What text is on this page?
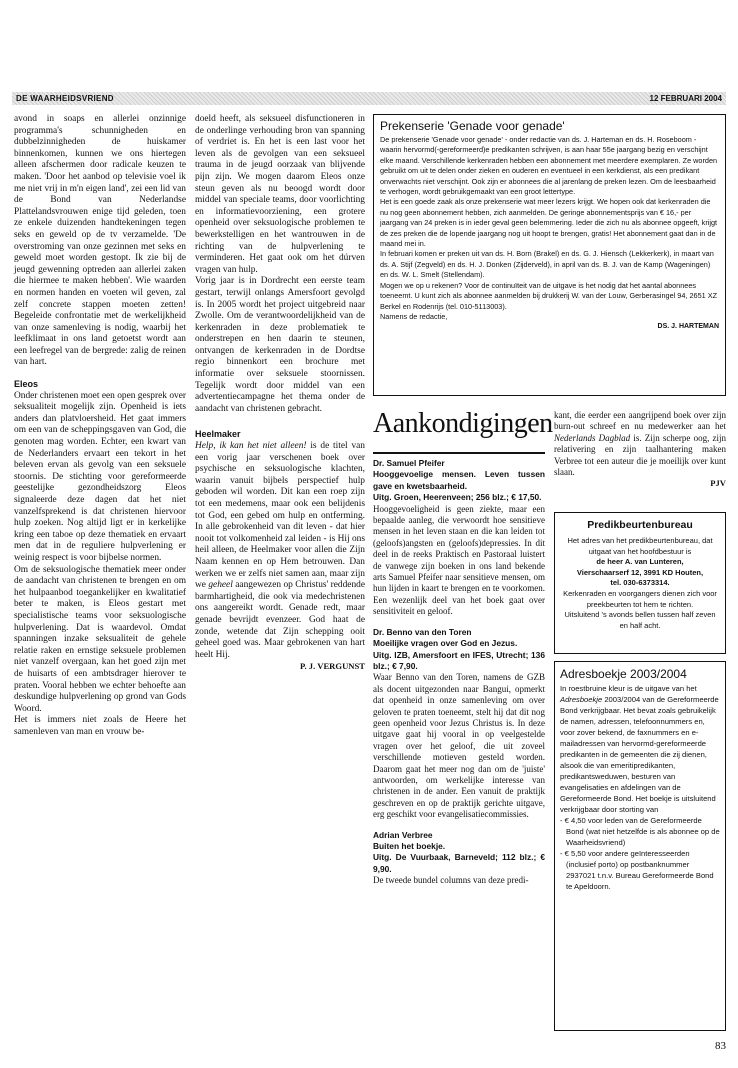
DE WAARHEIDSVRIEND	12 FEBRUARI 2004

avond in soaps en allerlei onzinnige programma's schunnigheden en dubbelzinnigheden de huiskamer binnenkomen, kunnen we ons hiertegen alleen afschermen door radicale keuzen te maken. 'Door het aanbod op televisie voel ik me niet vrij in m'n eigen land', zei een lid van de Bond van Nederlandse Plattelandsvrouwen enige tijd geleden, toen ze enkele duizenden handtekeningen tegen seks en geweld op de tv verzamelde. 'De overstroming van onze gezinnen met seks en geweld moet worden gestopt. Ik zie bij de jeugd gewenning optreden aan allerlei zaken die hiermee te maken hebben'. Wie waarden en normen handen en voeten wil geven, zal zelf concrete stappen moeten zetten! Begeleide confrontatie met de werkelijkheid van onze samenleving is nodig, waarbij het leefklimaat in ons land getoetst wordt aan een leefregel van de bergrede: zalig de reinen van hart.

Eleos

Onder christenen moet een open gesprek over seksualiteit mogelijk zijn. Openheid is iets anders dan platvloersheid. Het gaat immers om een van de scheppingsgaven van God, die genoten mag worden. Echter, een kwart van de Nederlanders ervaart een tekort in het beleven ervan als gevolg van een seksuele stoornis. De stichting voor gereformeerde geestelijke gezondheidszorg Eleos signaleerde deze dagen dat het niet vanzelfsprekend is dat christenen hiervoor hulp zoeken. Nog altijd ligt er in kerkelijke kring een taboe op deze thematiek en ervaart men dat in de reguliere hulpverlening er weinig respect is voor bijbelse normen.

Om de seksuologische thematiek meer onder de aandacht van christenen te brengen en om het hulpaanbod toegankelijker en kwalitatief beter te maken, is Eleos gestart met specialistische teams voor seksuologische hulpverlening. Dat is waardevol. Omdat spanningen inzake seksualiteit de gehele relatie raken en ernstige seksuele problemen niet vanzelf overgaan, kan het goed zijn met de huisarts of een ambtsdrager hierover te praten. Vooral hebben we echter behoefte aan deskundige hulpverlening op grond van Gods Woord.

Het is immers niet zoals de Heere het samenleven van man en vrouw be-

doeld heeft, als seksueel disfunctioneren in de onderlinge verhouding bron van spanning of verdriet is. En het is een last voor het leven als de gevolgen van een seksueel trauma in de jeugd oorzaak van blijvende pijn zijn. We mogen daarom Eleos onze steun geven als nu beoogd wordt door middel van speciale teams, door voorlichting en informatievoorziening, een grotere openheid over seksuologische problemen te bewerkstelligen en het wantrouwen in de richting van de hulpverlening te verminderen. Het gaat ook om het dúrven vragen van hulp.

Vorig jaar is in Dordrecht een eerste team gestart, terwijl onlangs Amersfoort gevolgd is. In 2005 wordt het project uitgebreid naar Zwolle. Om de verantwoordelijkheid van de kerkenraden in deze problematiek te onderstrepen en hen daarin te steunen, ontvangen de kerkenraden in de Dordtse regio binnenkort een brochure met informatie over seksuele stoornissen. Tegelijk wordt door middel van een advertentiecampagne het thema onder de aandacht van christenen gebracht.

Heelmaker

Help, ik kan het niet alleen! is de titel van een vorig jaar verschenen boek over psychische en seksuologische klachten, waarin vanuit bijbels perspectief hulp geboden wil worden. Dit kan een roep zijn tot een medemens, maar ook een belijdenis tot God, een gebed om hulp en ontferming. In alle gebrokenheid van dit leven - dat hier nooit tot volkomenheid zal leiden - is Hij ons heil alleen, de Heelmaker voor allen die Zijn Naam kennen en op Hem betrouwen. Dan werken we er zelfs niet samen aan, maar zijn we geheel aangewezen op Christus' reddende barmhartigheid, die ook via medechristenen ons aangereikt wordt. Genade redt, maar genade bevrijdt evenzeer. God haat de zonde, wetende dat Zijn schepping ooit geheel goed was. Maar gebrokenen van hart heelt Hij.

P. J. VERGUNST

Prekenserie 'Genade voor genade'

De prekenserie 'Genade voor genade' - onder redactie van ds. J. Harteman en ds. H. Roseboom - waarin hervormd(-gereformeerd)e predikanten schrijven, is aan haar 55e jaargang bezig en verschijnt elke maand. Verschillende kerkenraden hebben een abonnement met meerdere exemplaren. Ze worden gebruikt om uit te delen onder zieken en ouderen en eventueel in een kerkdienst, als een predikant onverwachts niet verschijnt. Ook zijn er abonnees die al jarenlang de preken lezen. Om de leesbaarheid te verhogen, wordt gebruikgemaakt van een groot lettertype.

Het is een goede zaak als onze prekenserie wat meer lezers krijgt. We hopen ook dat kerkenraden die nu nog geen abonnement hebben, zich aanmelden. De geringe abonnementsprijs van € 16,- per jaargang van 24 preken is in ieder geval geen belemmering. Ieder die zich nu als abonnee opgeeft, krijgt de zes preken die de lopende jaargang nog uit hoopt te brengen, gratis! Het abonnement gaat dan in de maand mei in.

In februari komen er preken uit van ds. H. Born (Brakel) en ds. G. J. Hiensch (Lekkerkerk), in maart van ds. A. Stijf (Zegveld) en ds. H. J. Donken (Zijderveld), in april van ds. B. J. van de Kamp (Wageningen) en ds. W. L. Smelt (Stellendam).

Mogen we op u rekenen? Voor de continuïteit van de uitgave is het nodig dat het aantal abonnees toeneemt. U kunt zich als abonnee aanmelden bij drukkerij W. van der Louw, Gerberasingel 94, 2651 XZ Berkel en Rodenrijs (tel. 010-5113003).

Namens de redactie,

DS. J. HARTEMAN

Aankondigingen

Dr. Samuel Pfeifer

Hooggevoelige mensen. Leven tussen gave en kwetsbaarheid.

Uitg. Groen, Heerenveen; 256 blz.; € 17,50.

Hooggevoeligheid is geen ziekte, maar een bepaalde aanleg, die verwoordt hoe sensitieve mensen in het leven staan en die kan leiden tot (geloofs)angsten en (geloofs)depressies. In dit deel in de reeks Praktisch en Pastoraal luistert de vanwege zijn boeken in ons land bekende arts Samuel Pfeifer naar sensitieve mensen, om hun lijden in kaart te brengen en te voorkomen. Een wezenlijk deel van het boek gaat over sensitiviteit en geloof.

Dr. Benno van den Toren

Moeilijke vragen over God en Jezus.

Uitg. IZB, Amersfoort en IFES, Utrecht; 136 blz.; € 7,90.

Waar Benno van den Toren, namens de GZB als docent uitgezonden naar Bangui, opmerkt dat openheid in onze samenleving om over geloven te praten toeneemt, stelt hij dat dit nog geen openheid voor Jezus Christus is. In deze uitgave gaat hij vooral in op veelgestelde vragen over het geloof, die uit zoveel verschillende motieven gesteld worden. Daarom gaat het meer nog dan om de 'juiste' antwoorden, om werkelijke interesse van christenen in de ander. Een vanuit de praktijk geschreven en op de praktijk gerichte uitgave, erg geschikt voor evangelisatiecommissies.

Adrian Verbree

Buiten het boekje.

Uitg. De Vuurbaak, Barneveld; 112 blz.; € 9,90.

De tweede bundel columns van deze predi-

kant, die eerder een aangrijpend boek over zijn burn-out schreef en nu medewerker aan het Nederlands Dagblad is. Zijn scherpe oog, zijn relativering en zijn taalhantering maken Verbree tot een auteur die je moeilijk over kunt slaan.

PJV

Predikbeurtenbureau

Het adres van het predikbeurtenbureau, dat uitgaat van het hoofdbestuur is

de heer A. van Lunteren,

Vierschaarserf 12, 3991 KD Houten,

tel. 030-6373314.

Kerkenraden en voorgangers dienen zich voor preekbeurten tot hem te richten.

Uitsluitend 's avonds bellen tussen half zeven en half acht.

Adresboekje 2003/2004

In roestbruine kleur is de uitgave van het Adresboekje 2003/2004 van de Gereformeerde Bond verkrijgbaar. Het bevat zoals gebruikelijk de namen, adressen, telefoonnummers en, voor zover bekend, de faxnummers en e-mailadressen van hervormd-gereformeerde predikanten in de gemeenten die zij dienen, alsook die van emeritipredikanten, predikantsweduwen, besturen van evangelisaties en afdelingen van de Gereformeerde Bond. Het boekje is uitsluitend verkrijgbaar door storting van

- € 4,50 voor leden van de Gereformeerde Bond (wat niet hetzelfde is als abonnee op de Waarheidsvriend)

- € 5,50 voor andere geïnteresseerden (inclusief porto) op postbanknummer 2937021 t.n.v. Bureau Gereformeerde Bond te Apeldoorn.

83
